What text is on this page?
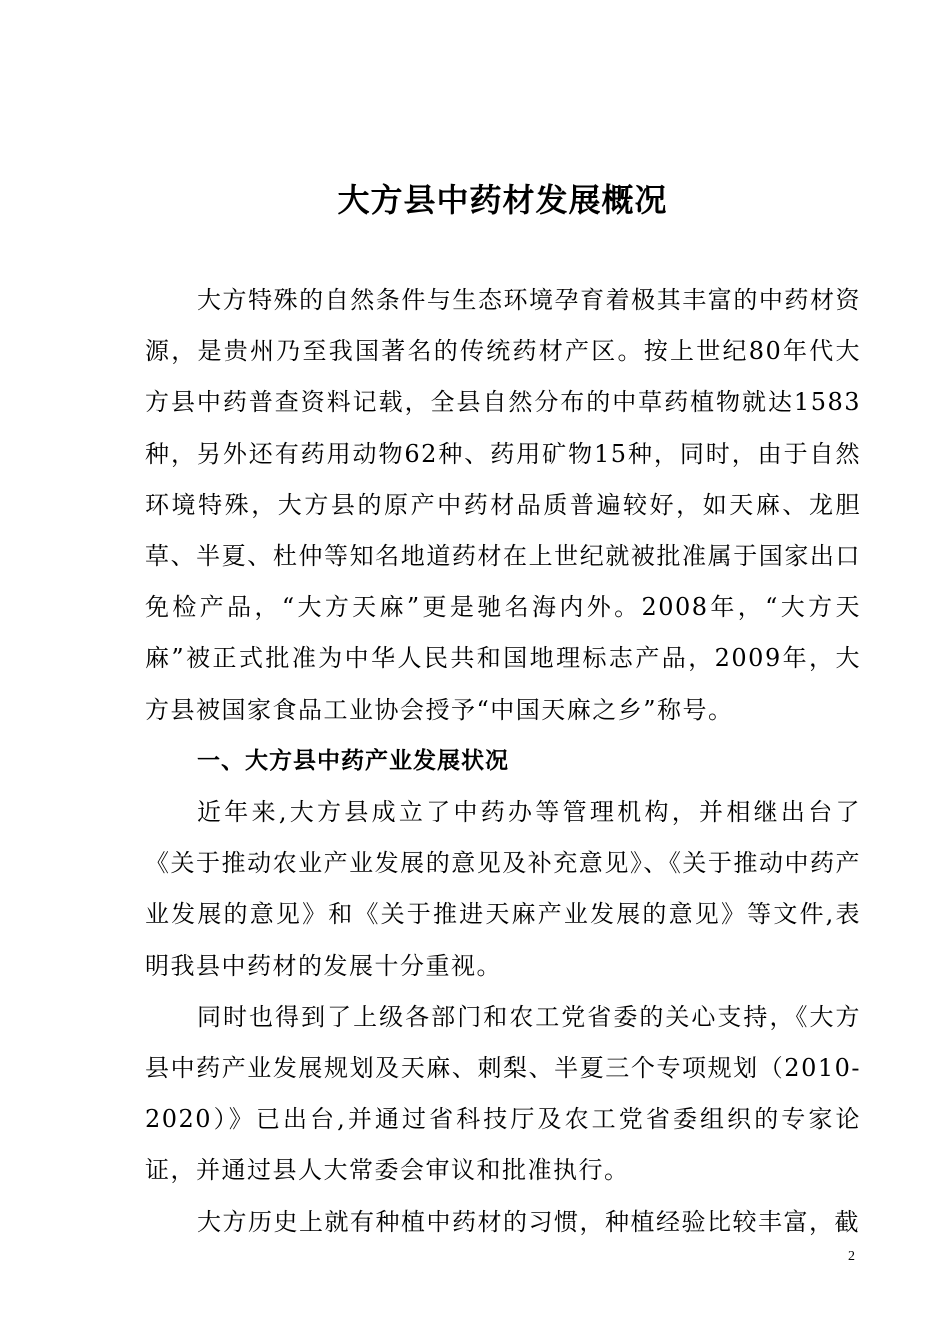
大方县中药材发展概况

大方特殊的自然条件与生态环境孕育着极其丰富的中药材资源，是贵州乃至我国著名的传统药材产区。按上世纪80年代大方县中药普查资料记载，全县自然分布的中草药植物就达1583种，另外还有药用动物62种、药用矿物15种，同时，由于自然环境特殊，大方县的原产中药材品质普遍较好，如天麻、龙胆草、半夏、杜仲等知名地道药材在上世纪就被批准属于国家出口免检产品，“大方天麻”更是驰名海内外。2008年，“大方天麻”被正式批准为中华人民共和国地理标志产品，2009年，大方县被国家食品工业协会授予“中国天麻之乡”称号。

一、大方县中药产业发展状况

近年来,大方县成立了中药办等管理机构，并相继出台了《关于推动农业产业发展的意见及补充意见》、《关于推动中药产业发展的意见》和《关于推进天麻产业发展的意见》等文件,表明我县中药材的发展十分重视。

同时也得到了上级各部门和农工党省委的关心支持，《大方县中药产业发展规划及天麻、刺梨、半夏三个专项规划（2010-2020）》已出台,并通过省科技厅及农工党省委组织的专家论证，并通过县人大常委会审议和批准执行。

大方历史上就有种植中药材的习惯，种植经验比较丰富，截

2
